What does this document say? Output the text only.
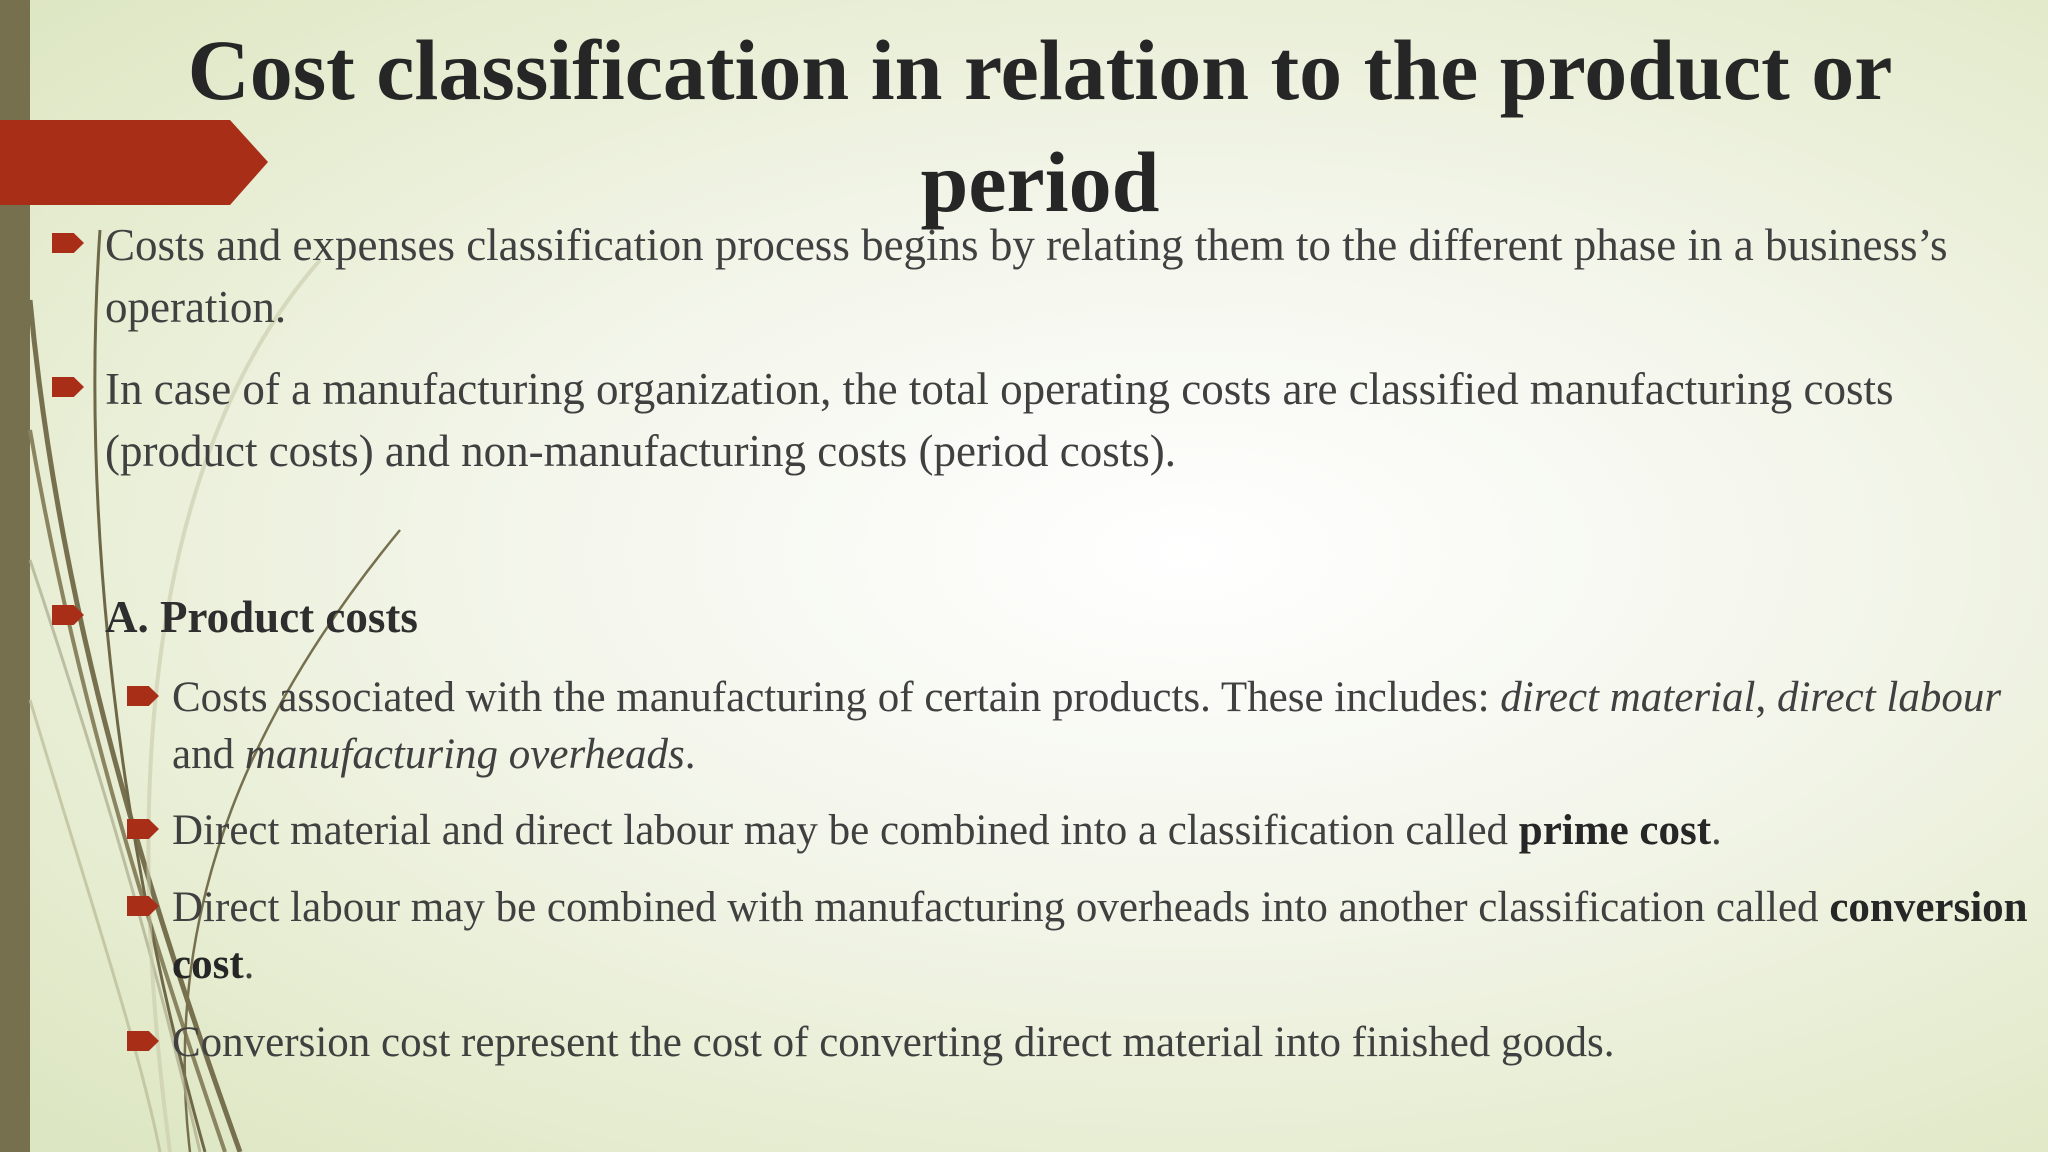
Cost classification in relation to the product or period
Costs and expenses classification process begins by relating them to the different phase in a business’s operation.
In case of a manufacturing organization, the total operating costs are classified manufacturing costs (product costs) and non-manufacturing costs (period costs).
A. Product costs
Costs associated with the manufacturing of certain products. These includes: direct material, direct labour and manufacturing overheads.
Direct material and direct labour may be combined into a classification called prime cost.
Direct labour may be combined with manufacturing overheads into another classification called conversion cost.
Conversion cost represent the cost of converting direct material into finished goods.
